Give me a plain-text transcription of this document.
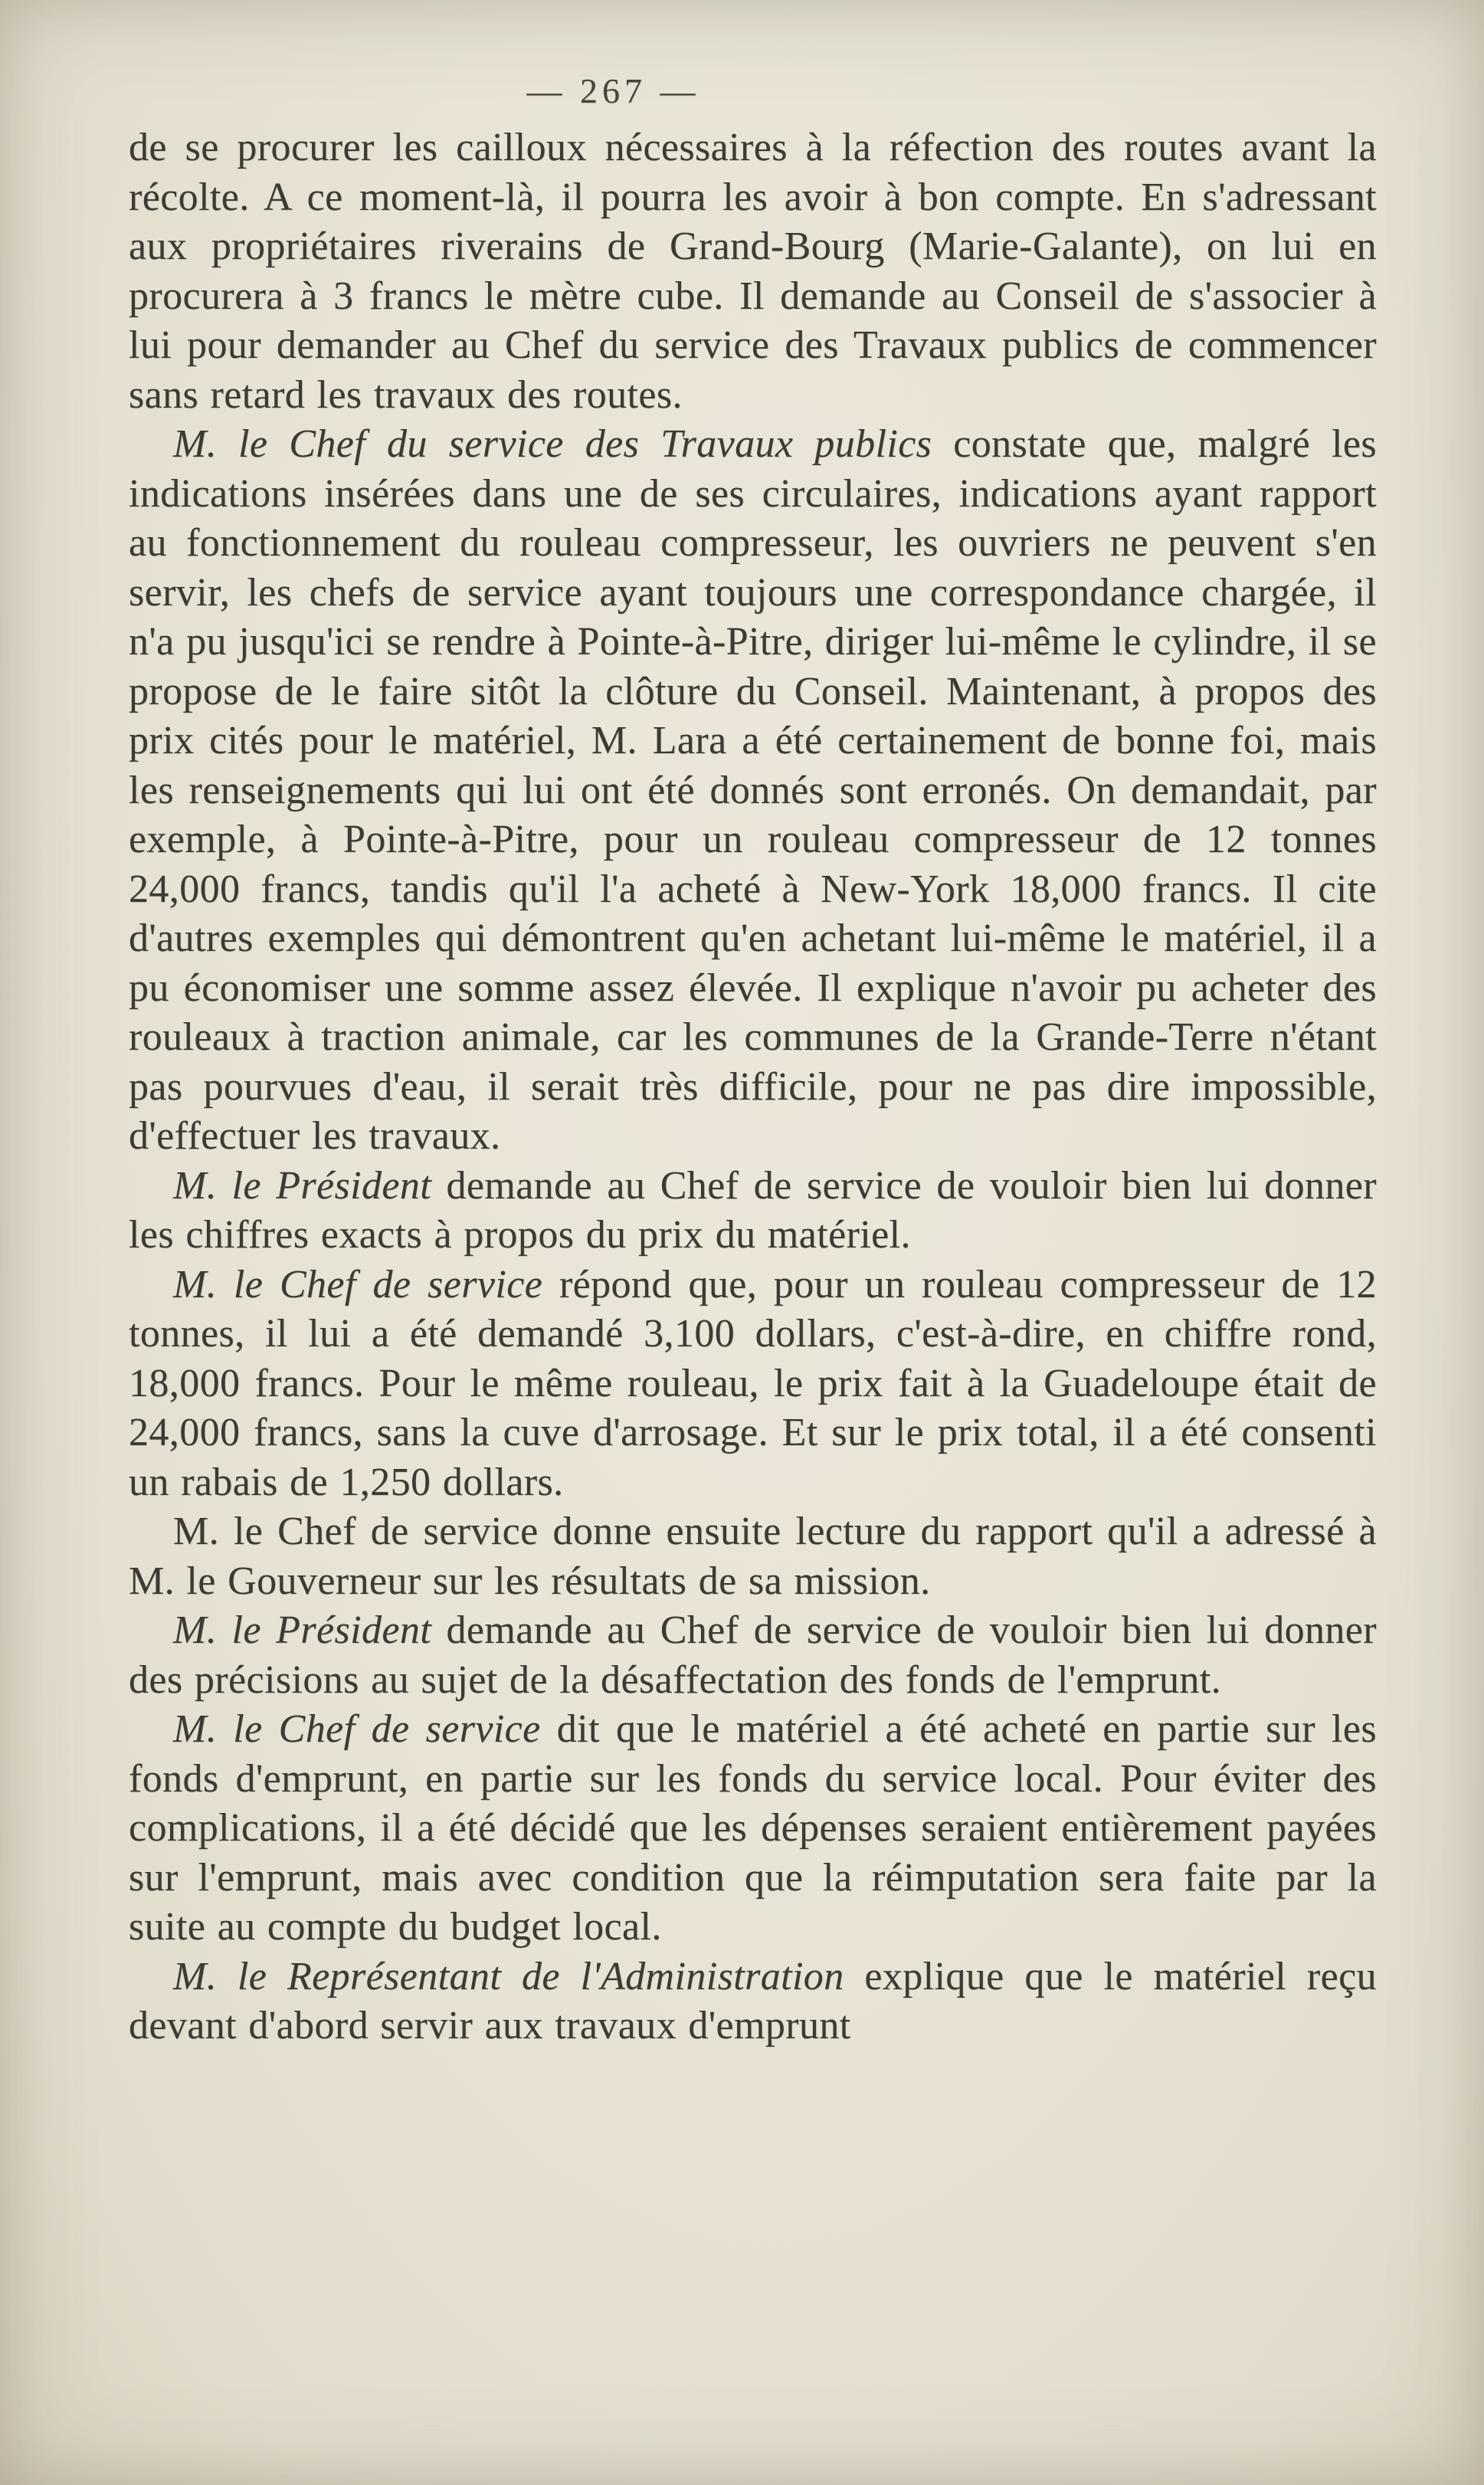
— 267 —

de se procurer les cailloux nécessaires à la réfection des routes avant la récolte. A ce moment-là, il pourra les avoir à bon compte. En s'adressant aux propriétaires riverains de Grand-Bourg (Marie-Galante), on lui en procurera à 3 francs le mètre cube. Il demande au Conseil de s'associer à lui pour demander au Chef du service des Travaux publics de commencer sans retard les travaux des routes.

M. le Chef du service des Travaux publics constate que, malgré les indications insérées dans une de ses circulaires, indications ayant rapport au fonctionnement du rouleau compresseur, les ouvriers ne peuvent s'en servir, les chefs de service ayant toujours une correspondance chargée, il n'a pu jusqu'ici se rendre à Pointe-à-Pitre, diriger lui-même le cylindre, il se propose de le faire sitôt la clôture du Conseil. Maintenant, à propos des prix cités pour le matériel, M. Lara a été certainement de bonne foi, mais les renseignements qui lui ont été donnés sont erronés. On demandait, par exemple, à Pointe-à-Pitre, pour un rouleau compresseur de 12 tonnes 24,000 francs, tandis qu'il l'a acheté à New-York 18,000 francs. Il cite d'autres exemples qui démontrent qu'en achetant lui-même le matériel, il a pu économiser une somme assez élevée. Il explique n'avoir pu acheter des rouleaux à traction animale, car les communes de la Grande-Terre n'étant pas pourvues d'eau, il serait très difficile, pour ne pas dire impossible, d'effectuer les travaux.

M. le Président demande au Chef de service de vouloir bien lui donner les chiffres exacts à propos du prix du matériel.

M. le Chef de service répond que, pour un rouleau compresseur de 12 tonnes, il lui a été demandé 3,100 dollars, c'est-à-dire, en chiffre rond, 18,000 francs. Pour le même rouleau, le prix fait à la Guadeloupe était de 24,000 francs, sans la cuve d'arrosage. Et sur le prix total, il a été consenti un rabais de 1,250 dollars.

M. le Chef de service donne ensuite lecture du rapport qu'il a adressé à M. le Gouverneur sur les résultats de sa mission.

M. le Président demande au Chef de service de vouloir bien lui donner des précisions au sujet de la désaffectation des fonds de l'emprunt.

M. le Chef de service dit que le matériel a été acheté en partie sur les fonds d'emprunt, en partie sur les fonds du service local. Pour éviter des complications, il a été décidé que les dépenses seraient entièrement payées sur l'emprunt, mais avec condition que la réimputation sera faite par la suite au compte du budget local.

M. le Représentant de l'Administration explique que le matériel reçu devant d'abord servir aux travaux d'emprunt
